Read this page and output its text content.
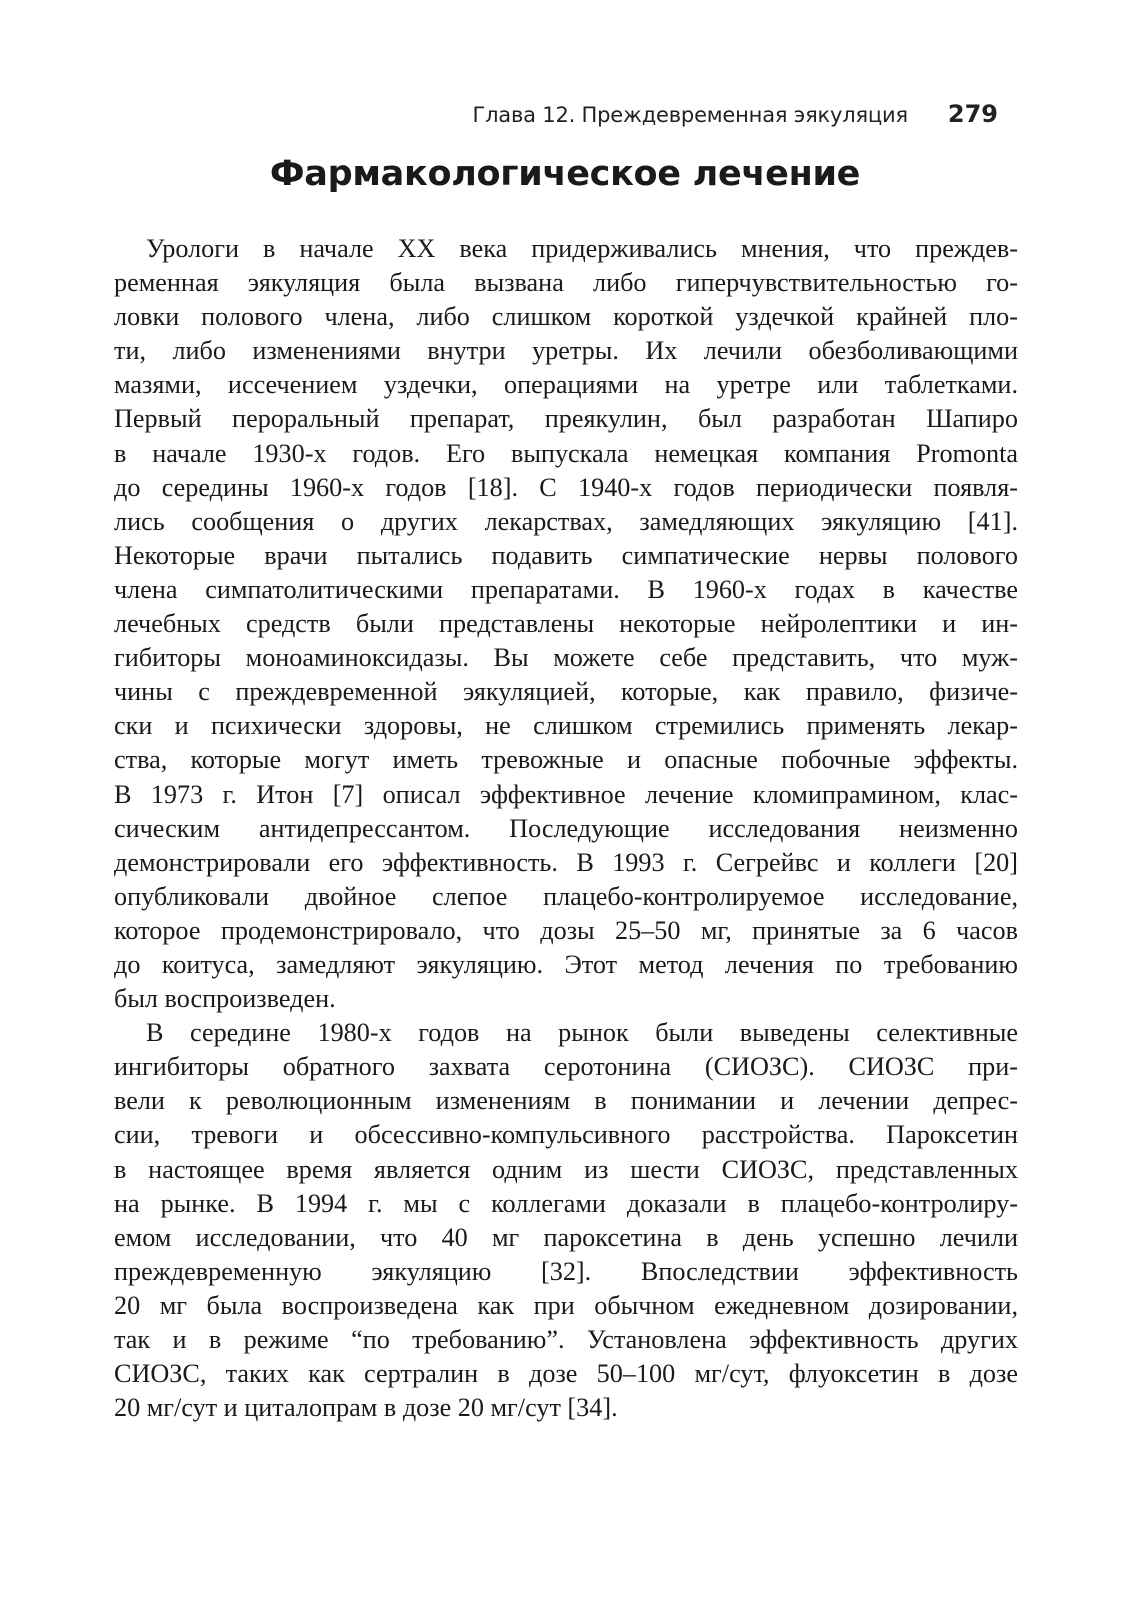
Глава 12. Преждевременная эякуляция 279
Фармакологическое лечение
Урологи в начале XX века придерживались мнения, что преждев-
ременная эякуляция была вызвана либо гиперчувствительностью го-
ловки полового члена, либо слишком короткой уздечкой крайней пло-
ти, либо изменениями внутри уретры. Их лечили обезболивающими
мазями, иссечением уздечки, операциями на уретре или таблетками.
Первый пероральный препарат, преякулин, был разработан Шапиро
в начале 1930-х годов. Его выпускала немецкая компания Promonta
до середины 1960-х годов [18]. С 1940-х годов периодически появля-
лись сообщения о других лекарствах, замедляющих эякуляцию [41].
Некоторые врачи пытались подавить симпатические нервы полового
члена симпатолитическими препаратами. В 1960-х годах в качестве
лечебных средств были представлены некоторые нейролептики и ин-
гибиторы моноаминоксидазы. Вы можете себе представить, что муж-
чины с преждевременной эякуляцией, которые, как правило, физиче-
ски и психически здоровы, не слишком стремились применять лекар-
ства, которые могут иметь тревожные и опасные побочные эффекты.
В 1973 г. Итон [7] описал эффективное лечение кломипрамином, клас-
сическим антидепрессантом. Последующие исследования неизменно
демонстрировали его эффективность. В 1993 г. Сегрейвс и коллеги [20]
опубликовали двойное слепое плацебо-контролируемое исследование,
которое продемонстрировало, что дозы 25–50 мг, принятые за 6 часов
до коитуса, замедляют эякуляцию. Этот метод лечения по требованию
был воспроизведен.
В середине 1980-х годов на рынок были выведены селективные
ингибиторы обратного захвата серотонина (СИОЗС). СИОЗС при-
вели к революционным изменениям в понимании и лечении депрес-
сии, тревоги и обсессивно-компульсивного расстройства. Пароксетин
в настоящее время является одним из шести СИОЗС, представленных
на рынке. В 1994 г. мы с коллегами доказали в плацебо-контролиру-
емом исследовании, что 40 мг пароксетина в день успешно лечили
преждевременную эякуляцию [32]. Впоследствии эффективность
20 мг была воспроизведена как при обычном ежедневном дозировании,
так и в режиме “по требованию”. Установлена эффективность других
СИОЗС, таких как сертралин в дозе 50–100 мг/сут, флуоксетин в дозе
20 мг/сут и циталопрам в дозе 20 мг/сут [34].
